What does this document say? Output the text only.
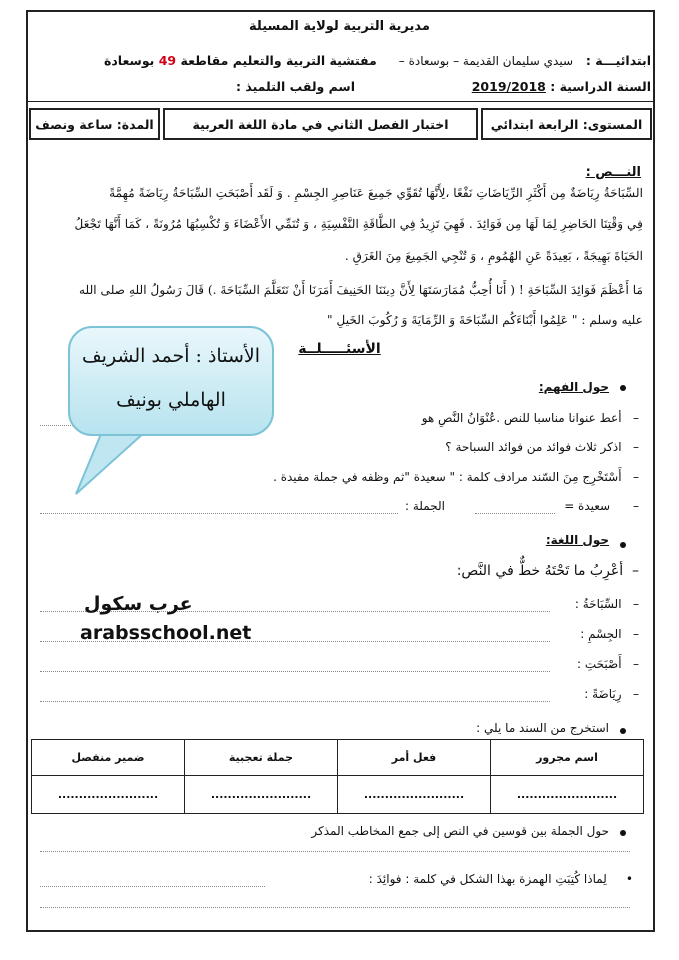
مديرية التربية لولاية المسيلة
ابتدائيـــة :
سيدي سليمان القديمة – بوسعادة –
مفتشية التربية والتعليم مقاطعة 49 بوسعادة
السنة الدراسية : 2019/2018
اسم ولقب التلميذ :
المستوى: الرابعة ابتدائي
اختبار الفصل الثاني في مادة اللغة العربية
المدة: ساعة ونصف
النـــص :
السِّبَاحَةُ رِيَاضَةٌ مِن أَكْثَرِ الرِّيَاضَاتِ نَفْعًا ،لِأَنَّهَا تُقَوِّي جَمِيعَ عَنَاصِرِ الجِسْمِ . وَ لَقَد أَصْبَحَتِ السِّبَاحَةُ رِيَاضَةً مُهِمَّةً
فِي وَقْتِنَا الحَاضِرِ لِمَا لَهَا مِن فَوَائِدَ . فَهِيَ تَزِيدُ فِي الطَّاقَةِ النَّفْسِيَةِ ، وَ تُنَمِّي الأَعْضَاءَ وَ تُكْسِبُهَا مُرُونَةً ، كَمَا أَنَّهَا تَجْعَلُ
الحَيَاةَ بَهِيجَةً ، بَعِيدَةً عَنِ الهُمُومِ ، وَ تُنْجِي الجَمِيعَ مِنَ الغَرَقِ .
مَا أَعْظَمَ فَوَائِدَ السِّبَاحَةِ ! ( أَنَا أُحِبُّ مُمَارَسَتَهَا لِأَنَّ دِينَنَا الحَنِيفَ أَمَرَنَا أَنْ نَتَعَلَّمَ السِّبَاحَةَ .) قَالَ رَسُولُ اللهِ صلى الله
عليه وسلم : " عَلِمُوا أَبْنَاءَكُم السِّبَاحَةَ وَ الرِّمَايَةَ وَ رُكُوبَ الخَيلِ "
الأسئـــــلــة
حول الفهم:
–   أعط عنوانا مناسبا للنص .عُنْوَانُ النَّصِ هو
–   اذكر ثلاث فوائد من فوائد السباحة ؟
–   أَسْتَخْرِج مِنَ السّند مرادف كلمة : " سعيدة "ثم وظفه في جملة مفيدة .
–      سعيدة =
الجملة :
حول اللغة:
–  أعْرِبُ ما تَحْتَهُ خطٌّ في النَّص:
–   السِّبَاحَةُ :
–   الجِسْمِ :
–   أَصْبَحَتِ :
–   رِيَاضَةً :
استخرج من السند ما يلي :
اسم مجرور	فعل أمر	جملة تعجبية	ضمير منفصل
........................	........................	........................	........................
حول الجملة بين قوسين في النص إلى جمع المخاطب المذكر
•     لِماذا كُتِبَتِ الهمزة بهذا الشكل في كلمة : فوائِدَ :
الأستاذ : أحمد الشريف
الهاملي بونيف
عرب سكول
arabsschool.net
